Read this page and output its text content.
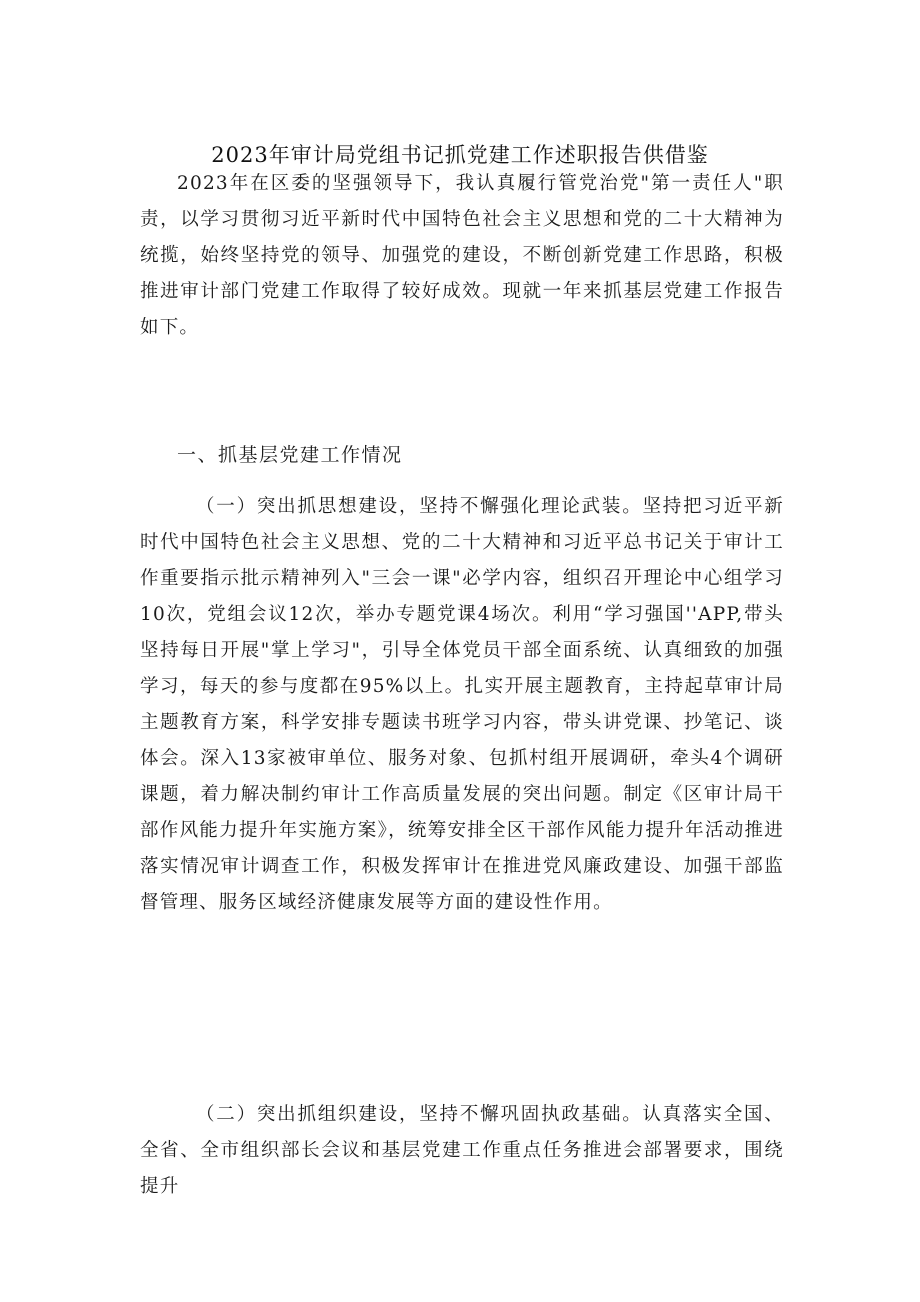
2023年审计局党组书记抓党建工作述职报告供借鉴

2023年在区委的坚强领导下，我认真履行管党治党"第一责任人"职责，以学习贯彻习近平新时代中国特色社会主义思想和党的二十大精神为统揽，始终坚持党的领导、加强党的建设，不断创新党建工作思路，积极推进审计部门党建工作取得了较好成效。现就一年来抓基层党建工作报告如下。

一、抓基层党建工作情况

（一）突出抓思想建设，坚持不懈强化理论武装。坚持把习近平新时代中国特色社会主义思想、党的二十大精神和习近平总书记关于审计工作重要指示批示精神列入"三会一课"必学内容，组织召开理论中心组学习10次，党组会议12次，举办专题党课4场次。利用“学习强国''APP,带头坚持每日开展"掌上学习"，引导全体党员干部全面系统、认真细致的加强学习，每天的参与度都在95%以上。扎实开展主题教育，主持起草审计局主题教育方案，科学安排专题读书班学习内容，带头讲党课、抄笔记、谈体会。深入13家被审单位、服务对象、包抓村组开展调研，牵头4个调研课题，着力解决制约审计工作高质量发展的突出问题。制定《区审计局干部作风能力提升年实施方案》，统筹安排全区干部作风能力提升年活动推进落实情况审计调查工作，积极发挥审计在推进党风廉政建设、加强干部监督管理、服务区域经济健康发展等方面的建设性作用。

（二）突出抓组织建设，坚持不懈巩固执政基础。认真落实全国、全省、全市组织部长会议和基层党建工作重点任务推进会部署要求，围绕提升
